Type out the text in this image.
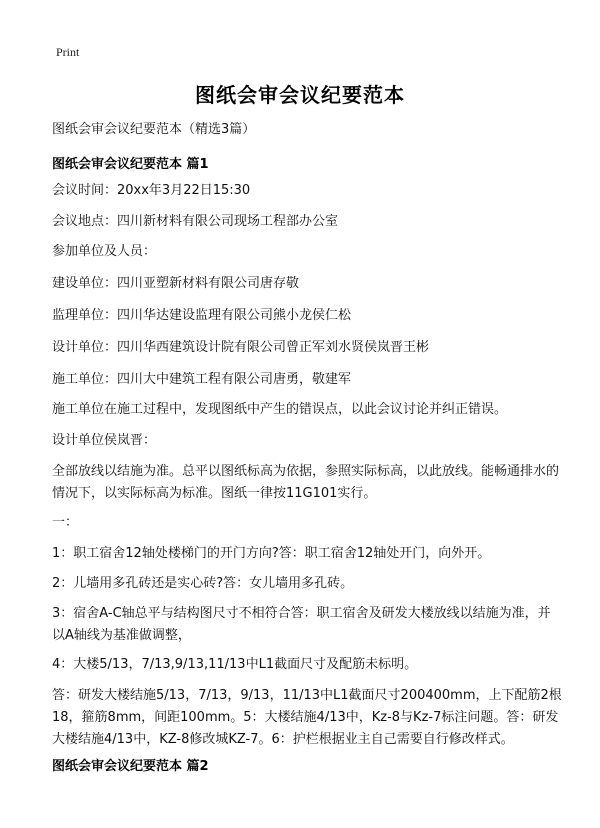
Print
图纸会审会议纪要范本
图纸会审会议纪要范本（精选3篇）
图纸会审会议纪要范本 篇1
会议时间：20xx年3月22日15:30
会议地点：四川新材料有限公司现场工程部办公室
参加单位及人员：
建设单位：四川亚塑新材料有限公司唐存敬
监理单位：四川华达建设监理有限公司熊小龙侯仁松
设计单位：四川华西建筑设计院有限公司曾正军刘水贤侯岚晋王彬
施工单位：四川大中建筑工程有限公司唐勇，敬建军
施工单位在施工过程中，发现图纸中产生的错误点，以此会议讨论并纠正错误。
设计单位侯岚晋：
全部放线以结施为准。总平以图纸标高为依据，参照实际标高，以此放线。能畅通排水的情况下，以实际标高为标准。图纸一律按11G101实行。
一：
1：职工宿舍12轴处楼梯门的开门方向?答：职工宿舍12轴处开门，向外开。
2：儿墙用多孔砖还是实心砖?答：女儿墙用多孔砖。
3：宿舍A-C轴总平与结构图尺寸不相符合答：职工宿舍及研发大楼放线以结施为准，并以A轴线为基准做调整，
4：大楼5/13，7/13,9/13,11/13中L1截面尺寸及配筋未标明。
答：研发大楼结施5/13，7/13，9/13，11/13中L1截面尺寸200400mm，上下配筋2根18，箍筋8mm，间距100mm。5：大楼结施4/13中，Kz-8与Kz-7标注问题。答：研发大楼结施4/13中，KZ-8修改城KZ-7。6：护栏根据业主自己需要自行修改样式。
图纸会审会议纪要范本 篇2
